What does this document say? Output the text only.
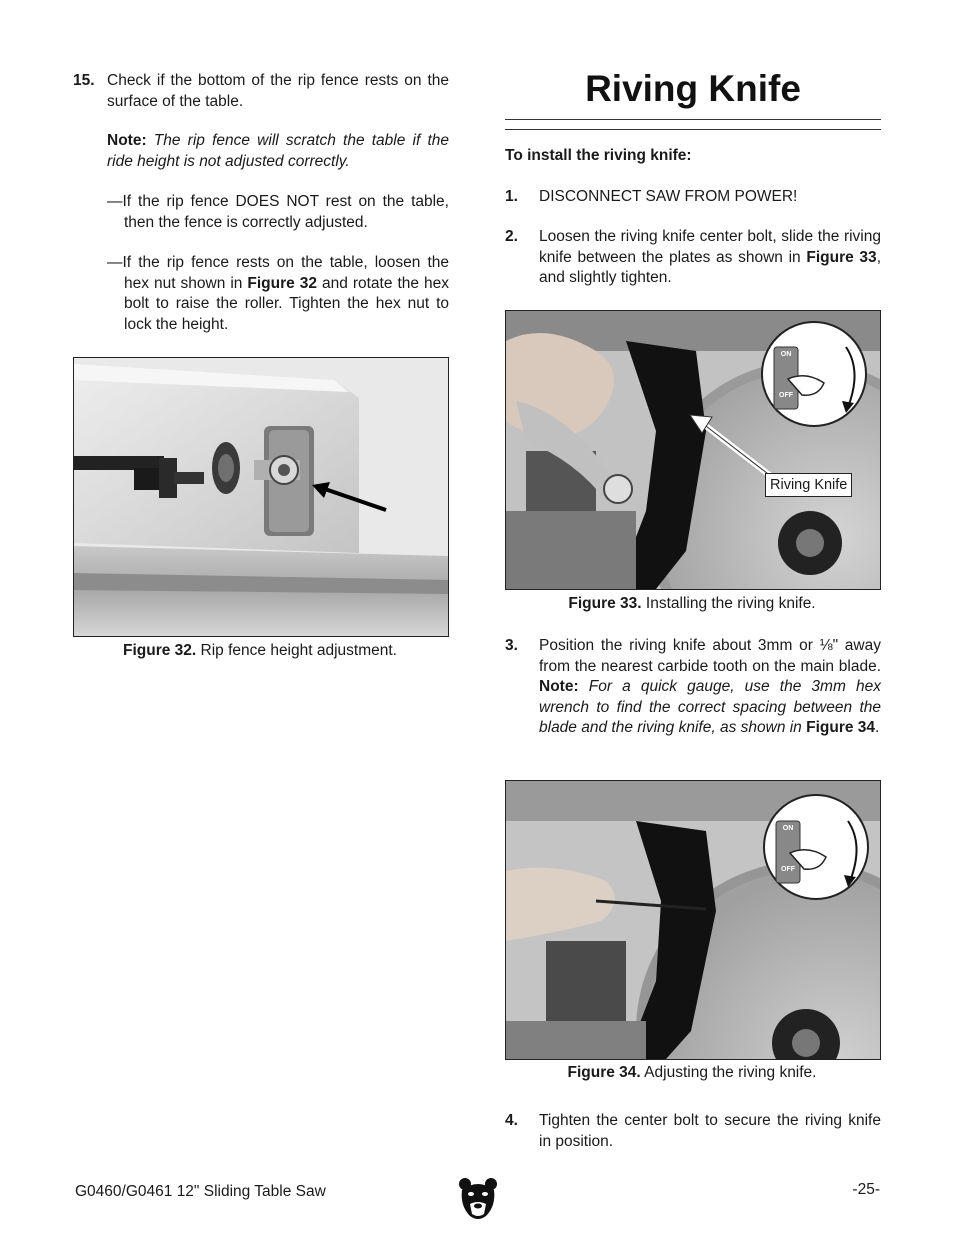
15. Check if the bottom of the rip fence rests on the surface of the table.
Note: The rip fence will scratch the table if the ride height is not adjusted correctly.
—If the rip fence DOES NOT rest on the table, then the fence is correctly adjusted.
—If the rip fence rests on the table, loosen the hex nut shown in Figure 32 and rotate the hex bolt to raise the roller. Tighten the hex nut to lock the height.
Figure 32. Rip fence height adjustment.
Riving Knife
To install the riving knife:
1. DISCONNECT SAW FROM POWER!
2. Loosen the riving knife center bolt, slide the riving knife between the plates as shown in Figure 33, and slightly tighten.
ON
OFF
Riving Knife
Figure 33. Installing the riving knife.
3. Position the riving knife about 3mm or ⅛" away from the nearest carbide tooth on the main blade. Note: For a quick gauge, use the 3mm hex wrench to find the correct spacing between the blade and the riving knife, as shown in Figure 34.
ON
OFF
Figure 34. Adjusting the riving knife.
4. Tighten the center bolt to secure the riving knife in position.
G0460/G0461 12" Sliding Table Saw	-25-
